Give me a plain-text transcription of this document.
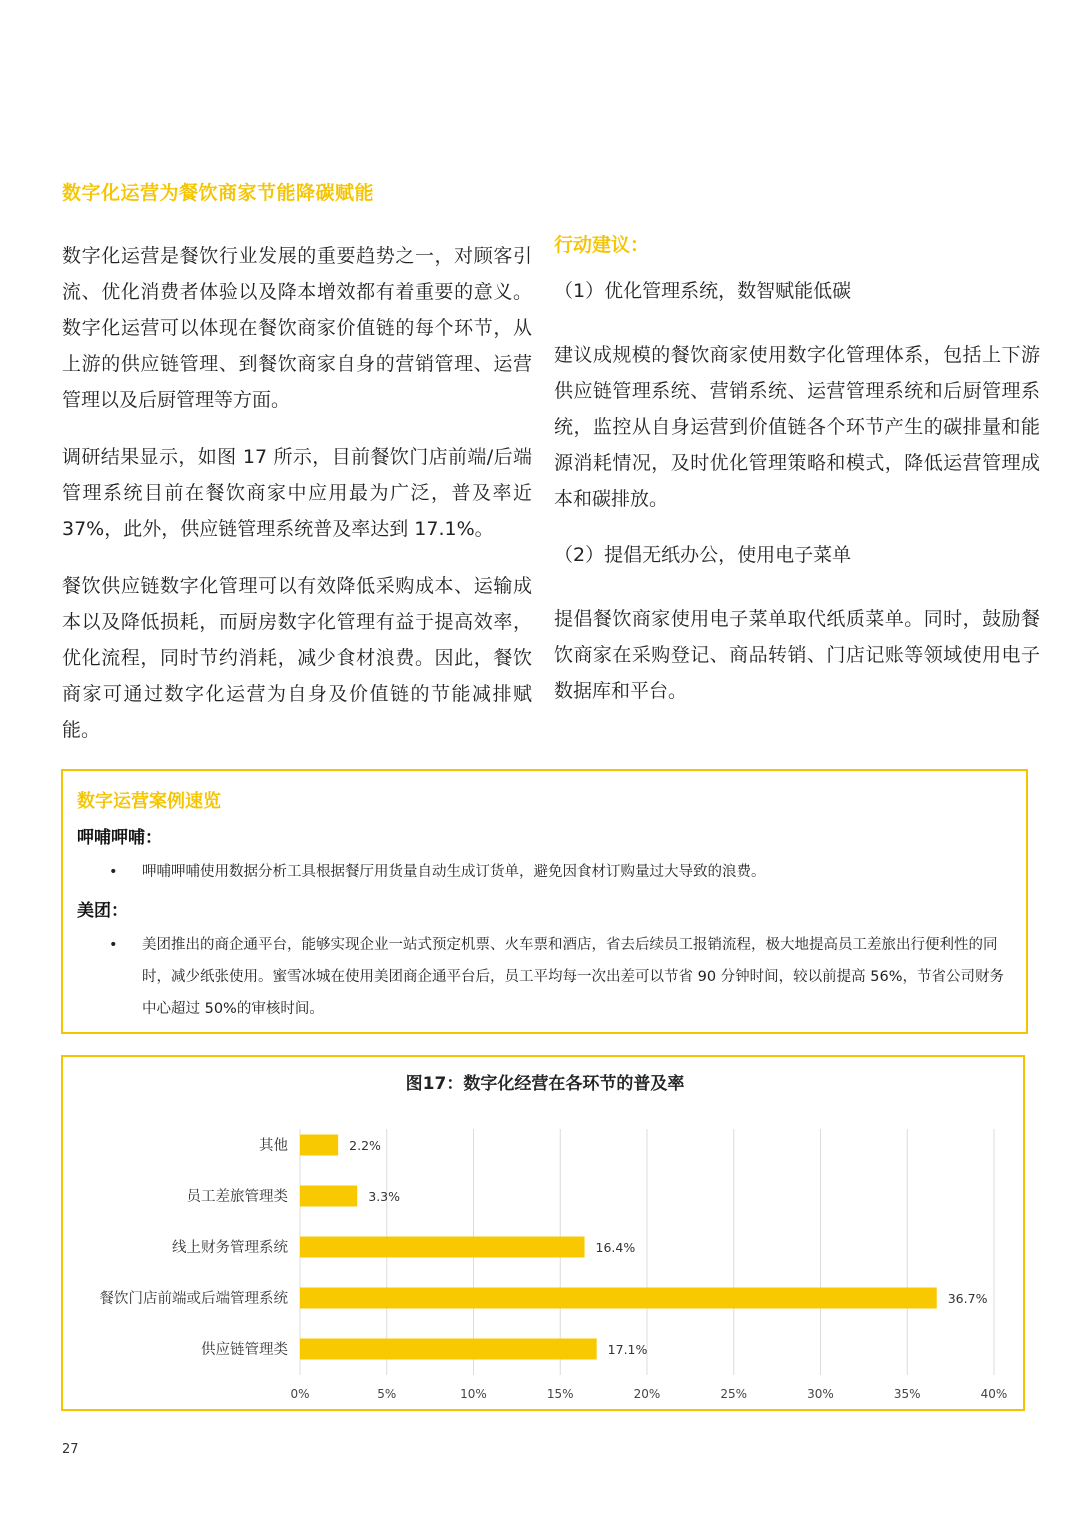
数字化运营为餐饮商家节能降碳赋能

数字化运营是餐饮行业发展的重要趋势之一，对顾客引流、优化消费者体验以及降本增效都有着重要的意义。数字化运营可以体现在餐饮商家价值链的每个环节，从上游的供应链管理、到餐饮商家自身的营销管理、运营管理以及后厨管理等方面。

调研结果显示，如图 17 所示，目前餐饮门店前端/后端管理系统目前在餐饮商家中应用最为广泛，普及率近 37%，此外，供应链管理系统普及率达到 17.1%。

餐饮供应链数字化管理可以有效降低采购成本、运输成本以及降低损耗，而厨房数字化管理有益于提高效率，优化流程，同时节约消耗，减少食材浪费。因此，餐饮商家可通过数字化运营为自身及价值链的节能减排赋能。

行动建议：
（1）优化管理系统，数智赋能低碳

建议成规模的餐饮商家使用数字化管理体系，包括上下游供应链管理系统、营销系统、运营管理系统和后厨管理系统，监控从自身运营到价值链各个环节产生的碳排量和能源消耗情况，及时优化管理策略和模式，降低运营管理成本和碳排放。

（2）提倡无纸办公，使用电子菜单

提倡餐饮商家使用电子菜单取代纸质菜单。同时，鼓励餐饮商家在采购登记、商品转销、门店记账等领域使用电子数据库和平台。

数字运营案例速览
呷哺呷哺：
• 呷哺呷哺使用数据分析工具根据餐厅用货量自动生成订货单，避免因食材订购量过大导致的浪费。
美团：
• 美团推出的商企通平台，能够实现企业一站式预定机票、火车票和酒店，省去后续员工报销流程，极大地提高员工差旅出行便利性的同时，减少纸张使用。蜜雪冰城在使用美团商企通平台后，员工平均每一次出差可以节省 90 分钟时间，较以前提高 56%，节省公司财务中心超过 50%的审核时间。
图17：数字化经营在各环节的普及率
0%	5%	10%	15%	20%	25%	30%	35%	40%
其他	2.2%
员工差旅管理类	3.3%
线上财务管理系统	16.4%
餐饮门店前端或后端管理系统	36.7%
供应链管理类	17.1%
27
